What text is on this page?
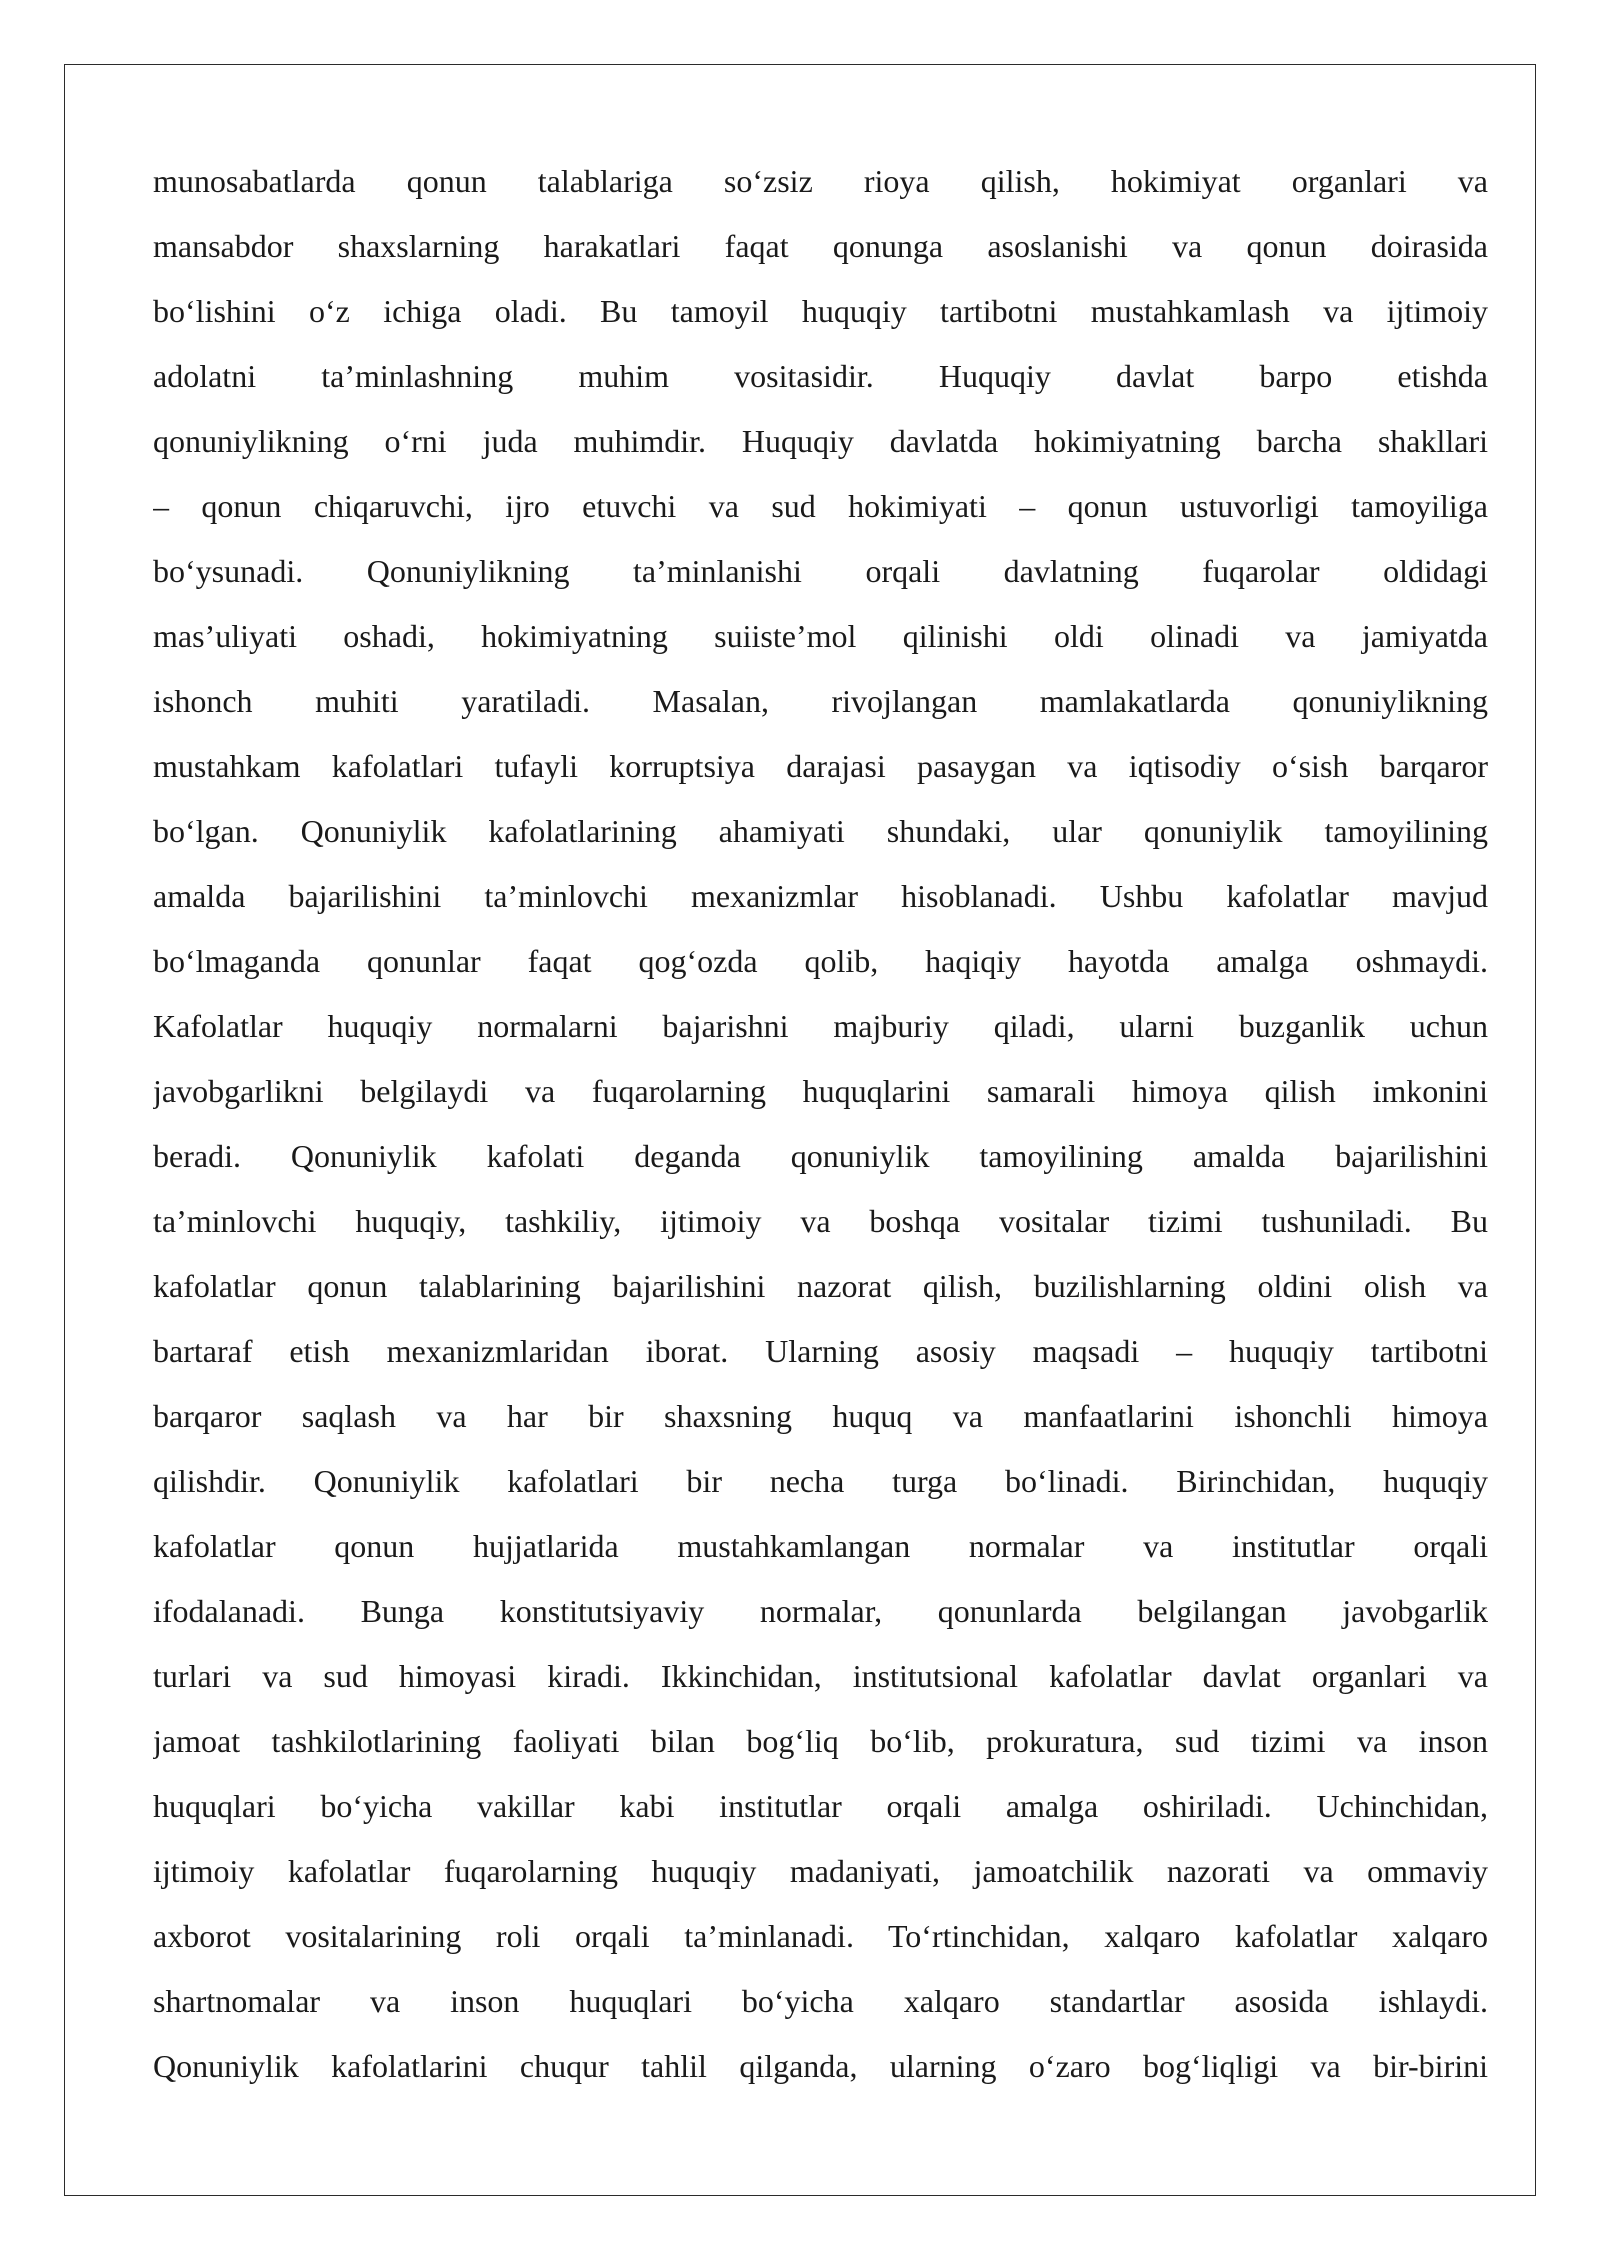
munosabatlarda qonun talablariga so‘zsiz rioya qilish, hokimiyat organlari va
mansabdor shaxslarning harakatlari faqat qonunga asoslanishi va qonun doirasida
bo‘lishini o‘z ichiga oladi. Bu tamoyil huquqiy tartibotni mustahkamlash va ijtimoiy
adolatni ta’minlashning muhim vositasidir. Huquqiy davlat barpo etishda
qonuniylikning o‘rni juda muhimdir. Huquqiy davlatda hokimiyatning barcha shakllari
– qonun chiqaruvchi, ijro etuvchi va sud hokimiyati – qonun ustuvorligi tamoyiliga
bo‘ysunadi. Qonuniylikning ta’minlanishi orqali davlatning fuqarolar oldidagi
mas’uliyati oshadi, hokimiyatning suiiste’mol qilinishi oldi olinadi va jamiyatda
ishonch muhiti yaratiladi. Masalan, rivojlangan mamlakatlarda qonuniylikning
mustahkam kafolatlari tufayli korruptsiya darajasi pasaygan va iqtisodiy o‘sish barqaror
bo‘lgan. Qonuniylik kafolatlarining ahamiyati shundaki, ular qonuniylik tamoyilining
amalda bajarilishini ta’minlovchi mexanizmlar hisoblanadi. Ushbu kafolatlar mavjud
bo‘lmaganda qonunlar faqat qog‘ozda qolib, haqiqiy hayotda amalga oshmaydi.
Kafolatlar huquqiy normalarni bajarishni majburiy qiladi, ularni buzganlik uchun
javobgarlikni belgilaydi va fuqarolarning huquqlarini samarali himoya qilish imkonini
beradi. Qonuniylik kafolati deganda qonuniylik tamoyilining amalda bajarilishini
ta’minlovchi huquqiy, tashkiliy, ijtimoiy va boshqa vositalar tizimi tushuniladi. Bu
kafolatlar qonun talablarining bajarilishini nazorat qilish, buzilishlarning oldini olish va
bartaraf etish mexanizmlaridan iborat. Ularning asosiy maqsadi – huquqiy tartibotni
barqaror saqlash va har bir shaxsning huquq va manfaatlarini ishonchli himoya
qilishdir. Qonuniylik kafolatlari bir necha turga bo‘linadi. Birinchidan, huquqiy
kafolatlar qonun hujjatlarida mustahkamlangan normalar va institutlar orqali
ifodalanadi. Bunga konstitutsiyaviy normalar, qonunlarda belgilangan javobgarlik
turlari va sud himoyasi kiradi. Ikkinchidan, institutsional kafolatlar davlat organlari va
jamoat tashkilotlarining faoliyati bilan bog‘liq bo‘lib, prokuratura, sud tizimi va inson
huquqlari bo‘yicha vakillar kabi institutlar orqali amalga oshiriladi. Uchinchidan,
ijtimoiy kafolatlar fuqarolarning huquqiy madaniyati, jamoatchilik nazorati va ommaviy
axborot vositalarining roli orqali ta’minlanadi. To‘rtinchidan, xalqaro kafolatlar xalqaro
shartnomalar va inson huquqlari bo‘yicha xalqaro standartlar asosida ishlaydi.
Qonuniylik kafolatlarini chuqur tahlil qilganda, ularning o‘zaro bog‘liqligi va bir-birini
